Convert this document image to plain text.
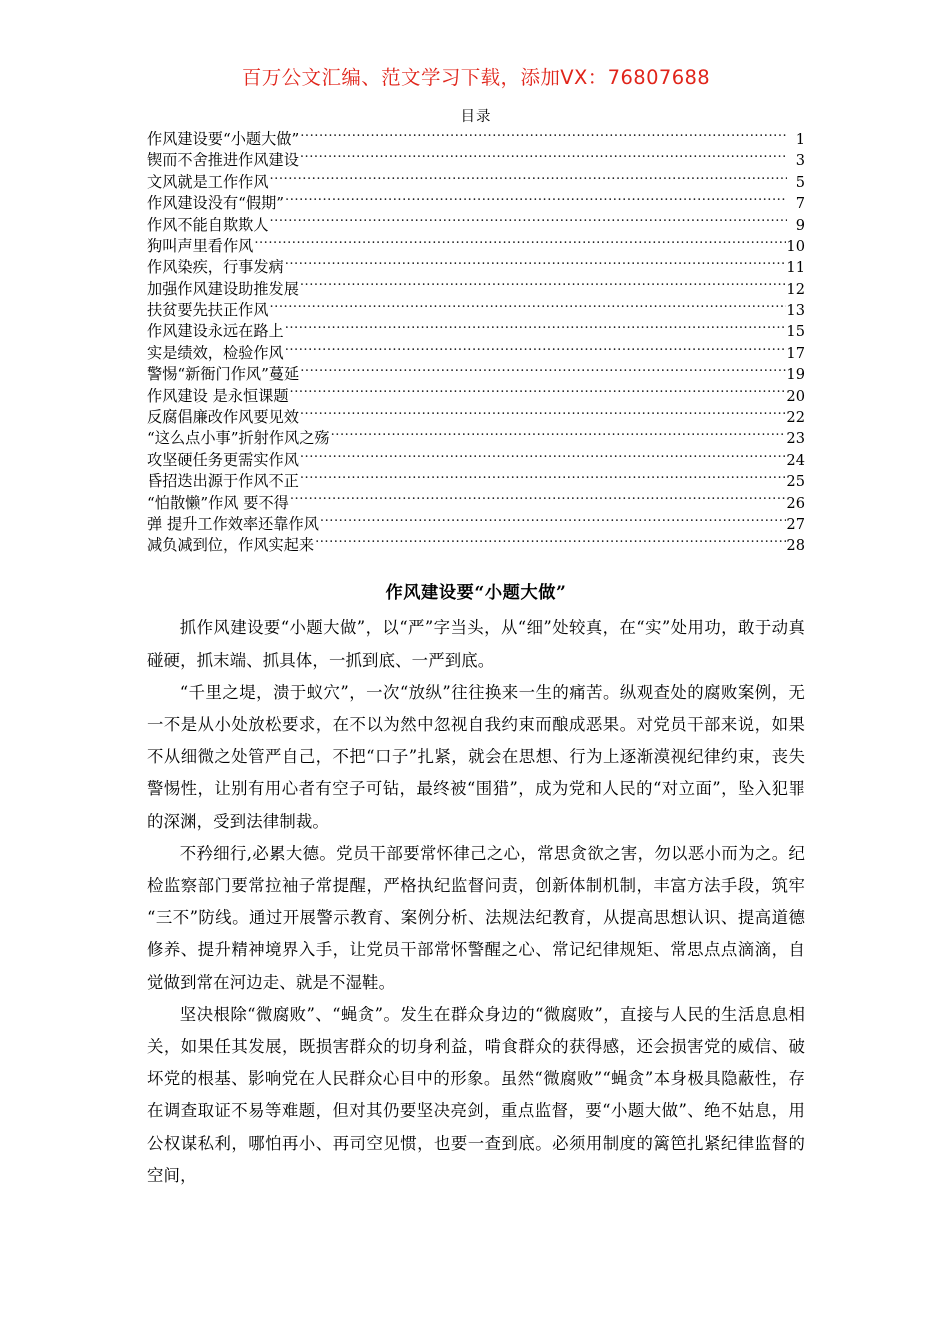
百万公文汇编、范文学习下载，添加VX：76807688
目录
作风建设要“小题大做” .....	1
锲而不舍推进作风建设 .....	3
文风就是工作作风 .....	5
作风建设没有“假期” .....	7
作风不能自欺欺人 .....	9
狗叫声里看作风 .....	10
作风染疾，行事发病 .....	11
加强作风建设助推发展 .....	12
扶贫要先扶正作风 .....	13
作风建设永远在路上 .....	15
实是绩效，检验作风 .....	17
警惕“新衙门作风”蔓延 .....	19
作风建设 是永恒课题 .....	20
反腐倡廉改作风要见效 .....	22
“这么点小事”折射作风之殇 .....	23
攻坚硬任务更需实作风 .....	24
昏招迭出源于作风不正 .....	25
“怕散懒”作风 要不得 .....	26
弹 提升工作效率还靠作风 .....	27
减负减到位，作风实起来 .....	28
作风建设要“小题大做”

抓作风建设要“小题大做”，以“严”字当头，从“细”处较真，在“实”处用功，敢于动真碰硬，抓末端、抓具体，一抓到底、一严到底。

“千里之堤，溃于蚁穴”，一次“放纵”往往换来一生的痛苦。纵观查处的腐败案例，无一不是从小处放松要求，在不以为然中忽视自我约束而酿成恶果。对党员干部来说，如果不从细微之处管严自己，不把“口子”扎紧，就会在思想、行为上逐渐漠视纪律约束，丧失警惕性，让别有用心者有空子可钻，最终被“围猎”，成为党和人民的“对立面”，坠入犯罪的深渊，受到法律制裁。

不矜细行,必累大德。党员干部要常怀律己之心，常思贪欲之害，勿以恶小而为之。纪检监察部门要常拉袖子常提醒，严格执纪监督问责，创新体制机制，丰富方法手段，筑牢“三不”防线。通过开展警示教育、案例分析、法规法纪教育，从提高思想认识、提高道德修养、提升精神境界入手，让党员干部常怀警醒之心、常记纪律规矩、常思点点滴滴，自觉做到常在河边走、就是不湿鞋。

坚决根除“微腐败”、“蝇贪”。发生在群众身边的“微腐败”，直接与人民的生活息息相关，如果任其发展，既损害群众的切身利益，啃食群众的获得感，还会损害党的威信、破坏党的根基、影响党在人民群众心目中的形象。虽然“微腐败”“蝇贪”本身极具隐蔽性，存在调查取证不易等难题，但对其仍要坚决亮剑，重点监督，要“小题大做”、绝不姑息，用公权谋私利，哪怕再小、再司空见惯，也要一查到底。必须用制度的篱笆扎紧纪律监督的空间，
